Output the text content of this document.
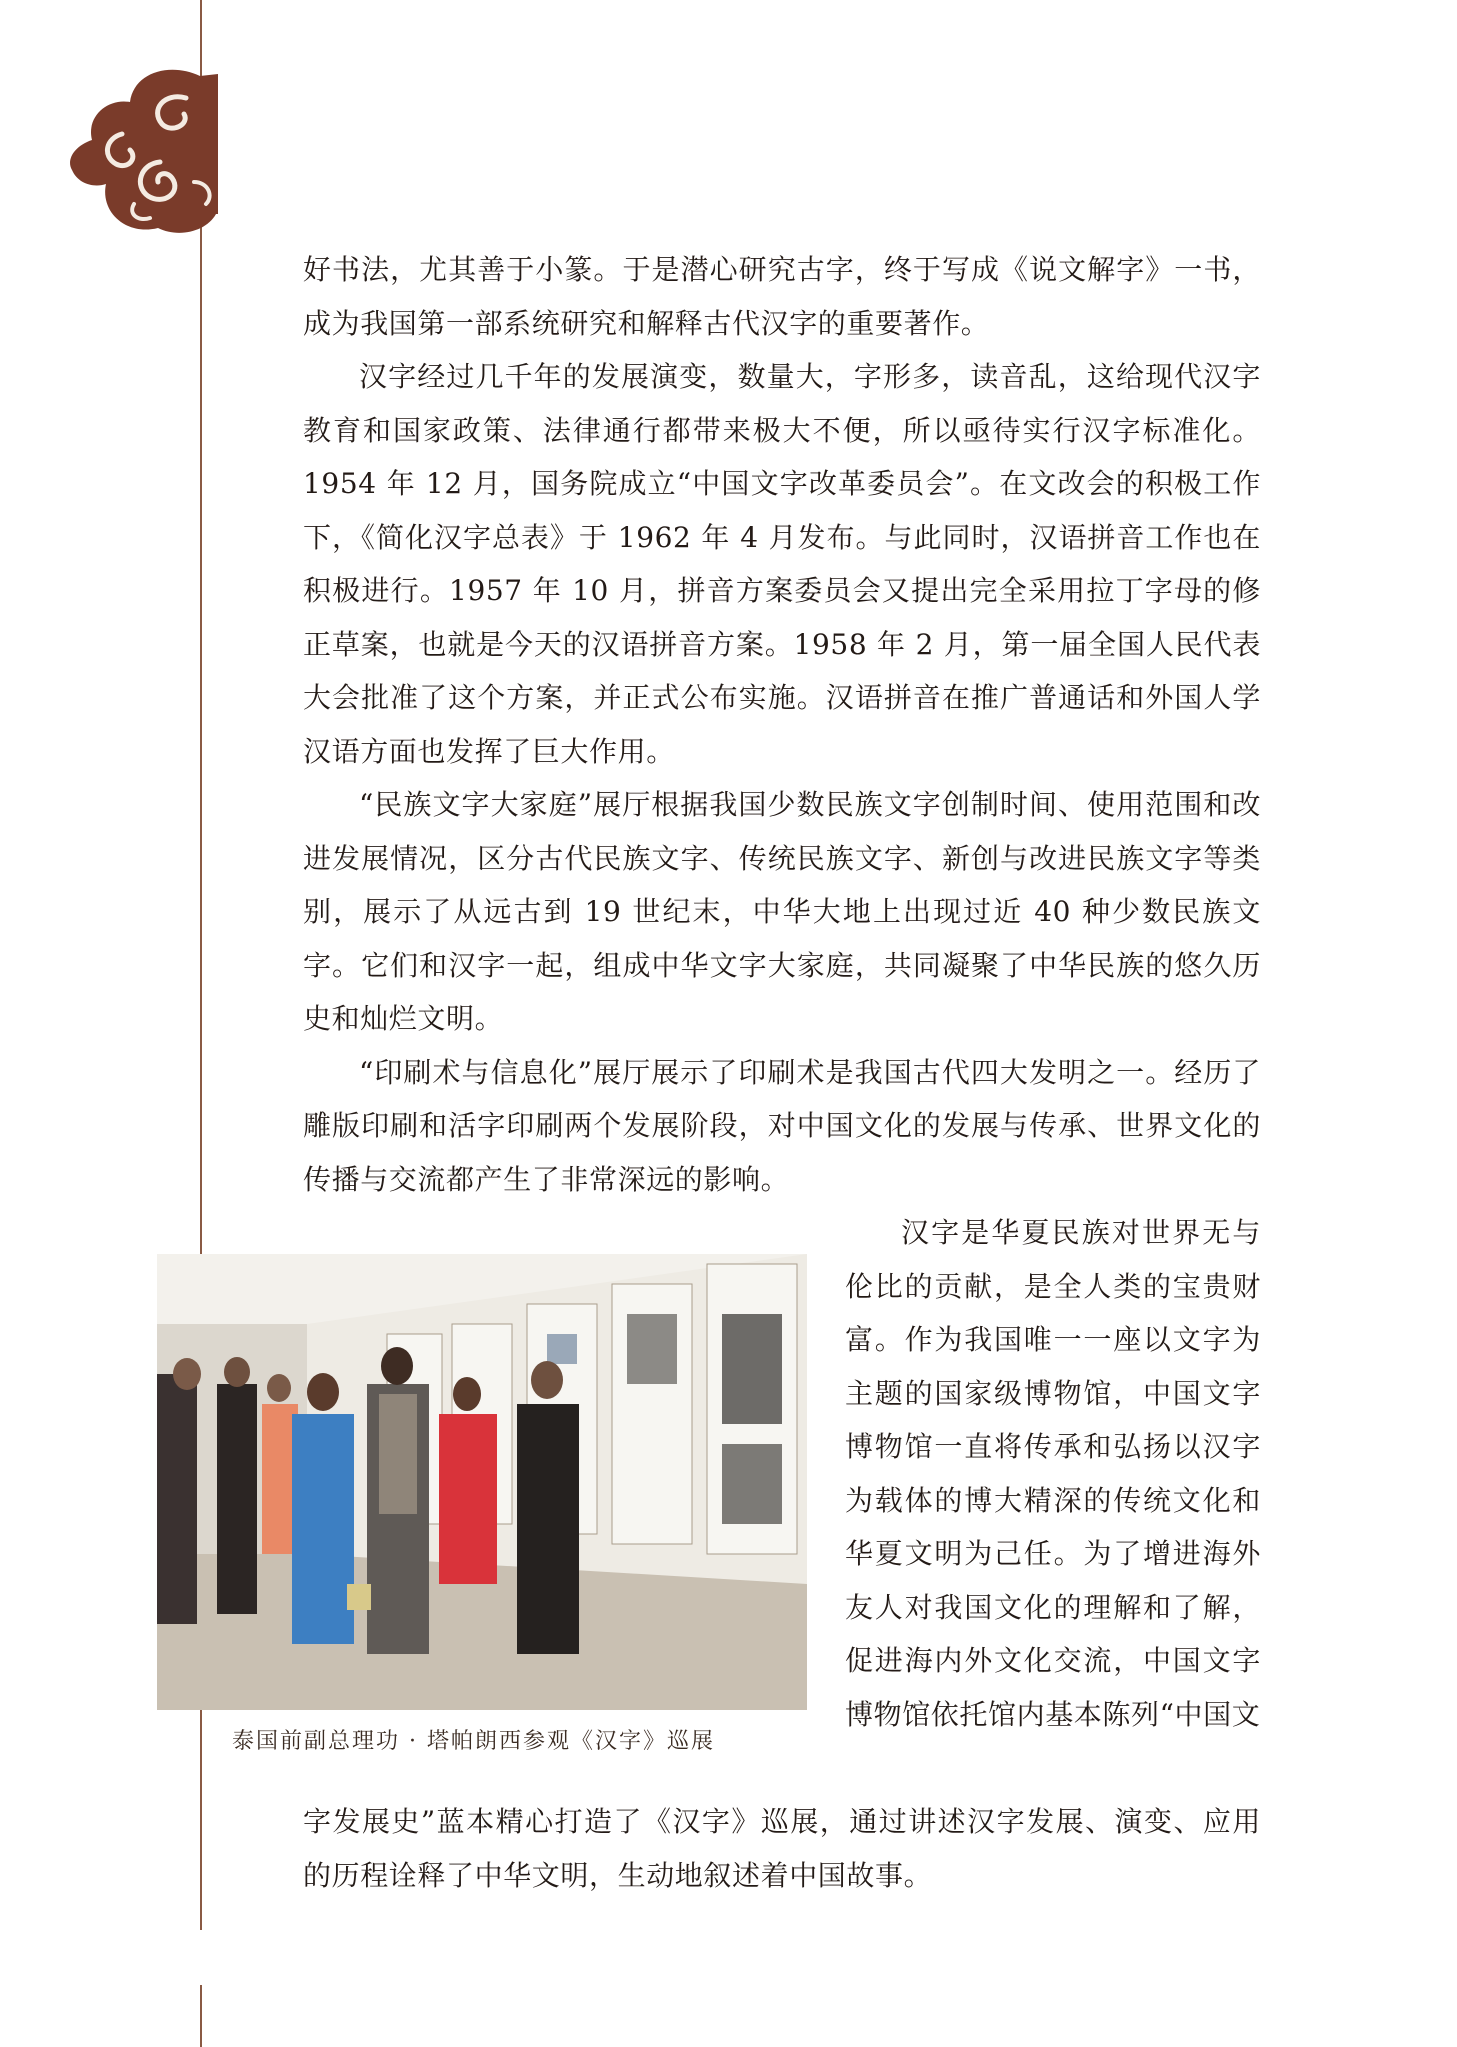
好书法，尤其善于小篆。于是潜心研究古字，终于写成《说文解字》一书，成为我国第一部系统研究和解释古代汉字的重要著作。

汉字经过几千年的发展演变，数量大，字形多，读音乱，这给现代汉字教育和国家政策、法律通行都带来极大不便，所以亟待实行汉字标准化。1954 年 12 月，国务院成立“中国文字改革委员会”。在文改会的积极工作下，《简化汉字总表》于 1962 年 4 月发布。与此同时，汉语拼音工作也在积极进行。1957 年 10 月，拼音方案委员会又提出完全采用拉丁字母的修正草案，也就是今天的汉语拼音方案。1958 年 2 月，第一届全国人民代表大会批准了这个方案，并正式公布实施。汉语拼音在推广普通话和外国人学汉语方面也发挥了巨大作用。

“民族文字大家庭”展厅根据我国少数民族文字创制时间、使用范围和改进发展情况，区分古代民族文字、传统民族文字、新创与改进民族文字等类别，展示了从远古到 19 世纪末，中华大地上出现过近 40 种少数民族文字。它们和汉字一起，组成中华文字大家庭，共同凝聚了中华民族的悠久历史和灿烂文明。

“印刷术与信息化”展厅展示了印刷术是我国古代四大发明之一。经历了雕版印刷和活字印刷两个发展阶段，对中国文化的发展与传承、世界文化的传播与交流都产生了非常深远的影响。

泰国前副总理功 · 塔帕朗西参观《汉字》巡展

汉字是华夏民族对世界无与伦比的贡献，是全人类的宝贵财富。作为我国唯一一座以文字为主题的国家级博物馆，中国文字博物馆一直将传承和弘扬以汉字为载体的博大精深的传统文化和华夏文明为己任。为了增进海外友人对我国文化的理解和了解，促进海内外文化交流，中国文字博物馆依托馆内基本陈列“中国文

字发展史”蓝本精心打造了《汉字》巡展，通过讲述汉字发展、演变、应用的历程诠释了中华文明，生动地叙述着中国故事。
